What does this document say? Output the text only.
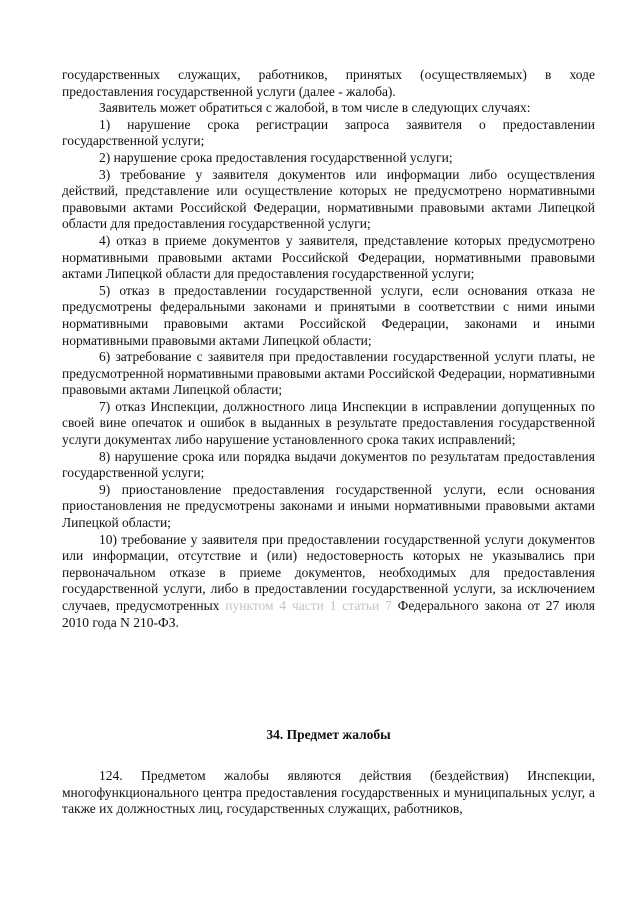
государственных служащих, работников, принятых (осуществляемых) в ходе предоставления государственной услуги (далее - жалоба).

Заявитель может обратиться с жалобой, в том числе в следующих случаях:

1) нарушение срока регистрации запроса заявителя о предоставлении государственной услуги;

2) нарушение срока предоставления государственной услуги;

3) требование у заявителя документов или информации либо осуществления действий, представление или осуществление которых не предусмотрено нормативными правовыми актами Российской Федерации, нормативными правовыми актами Липецкой области для предоставления государственной услуги;

4) отказ в приеме документов у заявителя, представление которых предусмотрено нормативными правовыми актами Российской Федерации, нормативными правовыми актами Липецкой области для предоставления государственной услуги;

5) отказ в предоставлении государственной услуги, если основания отказа не предусмотрены федеральными законами и принятыми в соответствии с ними иными нормативными правовыми актами Российской Федерации, законами и иными нормативными правовыми актами Липецкой области;

6) затребование с заявителя при предоставлении государственной услуги платы, не предусмотренной нормативными правовыми актами Российской Федерации, нормативными правовыми актами Липецкой области;

7) отказ Инспекции, должностного лица Инспекции в исправлении допущенных по своей вине опечаток и ошибок в выданных в результате предоставления государственной услуги документах либо нарушение установленного срока таких исправлений;

8) нарушение срока или порядка выдачи документов по результатам предоставления государственной услуги;

9) приостановление предоставления государственной услуги, если основания приостановления не предусмотрены законами и иными нормативными правовыми актами Липецкой области;

10) требование у заявителя при предоставлении государственной услуги документов или информации, отсутствие и (или) недостоверность которых не указывались при первоначальном отказе в приеме документов, необходимых для предоставления государственной услуги, либо в предоставлении государственной услуги, за исключением случаев, предусмотренных пунктом 4 части 1 статьи 7 Федерального закона от 27 июля 2010 года N 210-ФЗ.

34. Предмет жалобы

124. Предметом жалобы являются действия (бездействия) Инспекции, многофункционального центра предоставления государственных и муниципальных услуг, а также их должностных лиц, государственных служащих, работников,
